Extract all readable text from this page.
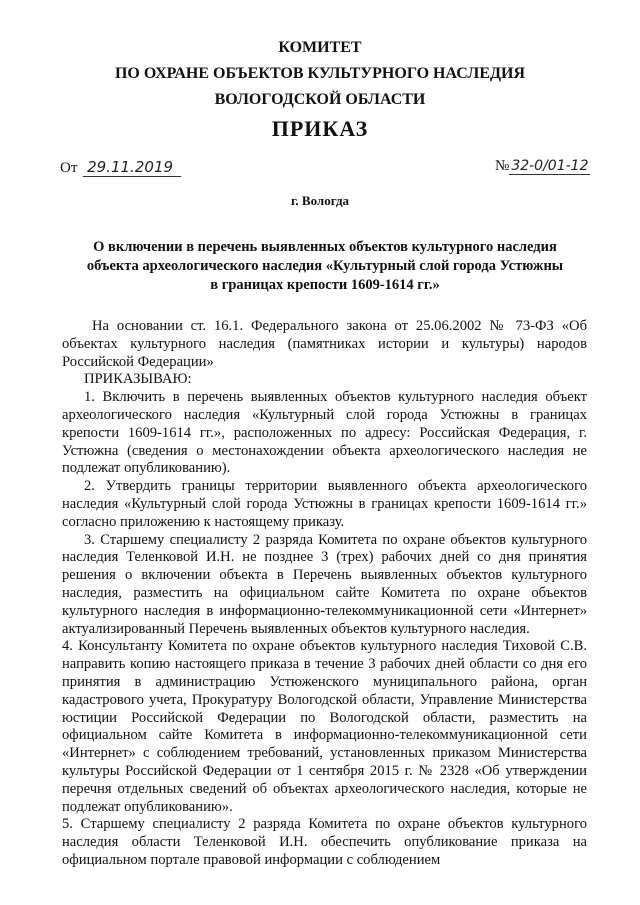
КОМИТЕТ
ПО ОХРАНЕ ОБЪЕКТОВ КУЛЬТУРНОГО НАСЛЕДИЯ
ВОЛОГОДСКОЙ ОБЛАСТИ
ПРИКАЗ
От 29.11.2019	№ 32-0/01-12
г. Вологда
О включении в перечень выявленных объектов культурного наследия
объекта археологического наследия «Культурный слой города Устюжны
в границах крепости 1609-1614 гг.»

На основании ст. 16.1. Федерального закона от 25.06.2002 № 73-ФЗ «Об объектах культурного наследия (памятниках истории и культуры) народов Российской Федерации»

ПРИКАЗЫВАЮ:

1. Включить в перечень выявленных объектов культурного наследия объект археологического наследия «Культурный слой города Устюжны в границах крепости 1609-1614 гг.», расположенных по адресу: Российская Федерация, г. Устюжна (сведения о местонахождении объекта археологического наследия не подлежат опубликованию).

2. Утвердить границы территории выявленного объекта археологического наследия «Культурный слой города Устюжны в границах крепости 1609-1614 гг.» согласно приложению к настоящему приказу.

3. Старшему специалисту 2 разряда Комитета по охране объектов культурного наследия Теленковой И.Н. не позднее 3 (трех) рабочих дней со дня принятия решения о включении объекта в Перечень выявленных объектов культурного наследия, разместить на официальном сайте Комитета по охране объектов культурного наследия в информационно-телекоммуникационной сети «Интернет» актуализированный Перечень выявленных объектов культурного наследия.

4. Консультанту Комитета по охране объектов культурного наследия Тиховой С.В. направить копию настоящего приказа в течение 3 рабочих дней области со дня его принятия в администрацию Устюженского муниципального района, орган кадастрового учета, Прокуратуру Вологодской области, Управление Министерства юстиции Российской Федерации по Вологодской области, разместить на официальном сайте Комитета в информационно-телекоммуникационной сети «Интернет» с соблюдением требований, установленных приказом Министерства культуры Российской Федерации от 1 сентября 2015 г. № 2328 «Об утверждении перечня отдельных сведений об объектах археологического наследия, которые не подлежат опубликованию».

5. Старшему специалисту 2 разряда Комитета по охране объектов культурного наследия области Теленковой И.Н. обеспечить опубликование приказа на официальном портале правовой информации с соблюдением
